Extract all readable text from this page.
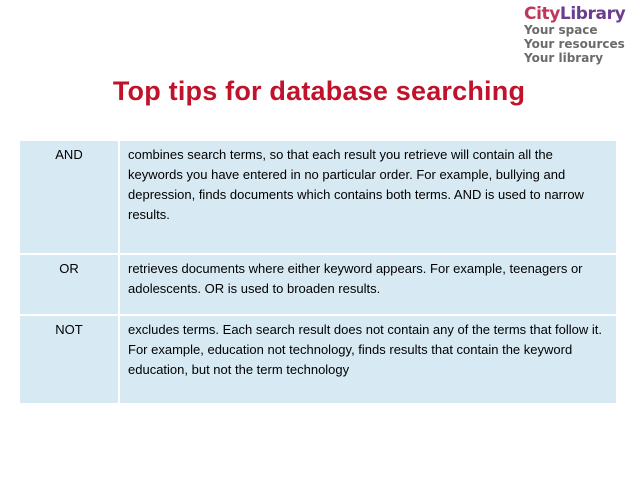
CityLibrary
Your space
Your resources
Your library
Top tips for database searching
AND	combines search terms, so that each result you retrieve will contain all the keywords you have entered in no particular order. For example, bullying and depression, finds documents which contains both terms. AND is used to narrow results.
OR	retrieves documents where either keyword appears. For example, teenagers or adolescents. OR is used to broaden results.
NOT	excludes terms. Each search result does not contain any of the terms that follow it. For example, education not technology, finds results that contain the keyword education, but not the term technology
